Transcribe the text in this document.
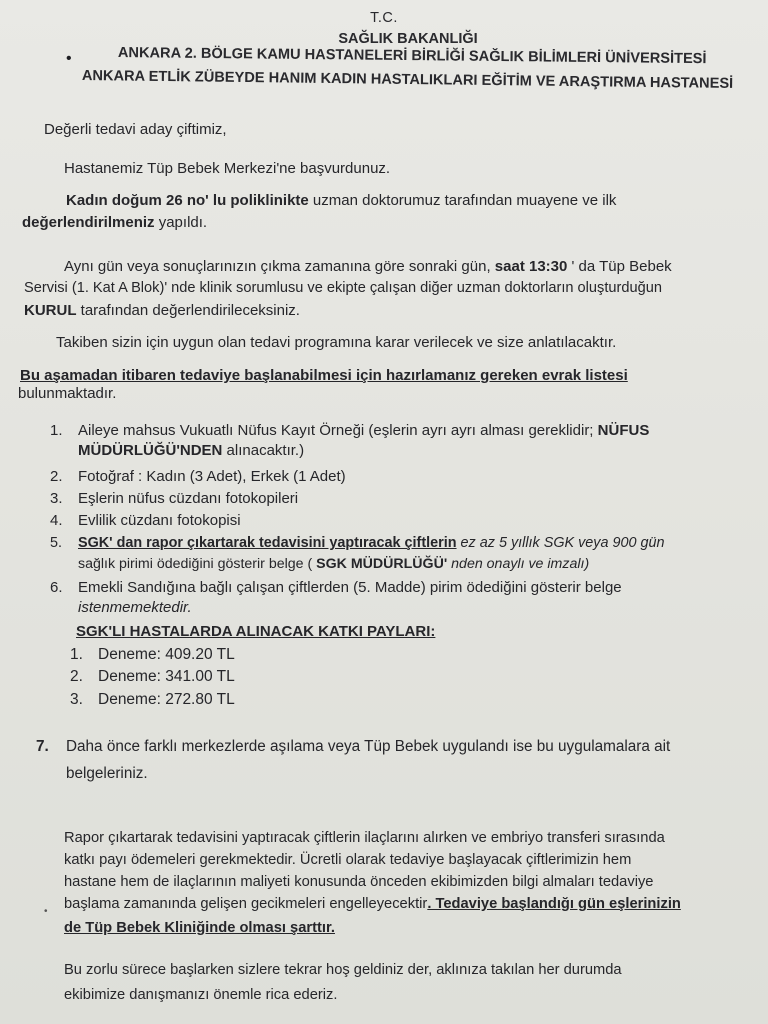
T.C.
SAĞLIK BAKANLIĞI
•	ANKARA 2. BÖLGE KAMU HASTANELERİ BİRLİĞİ SAĞLIK BİLİMLERİ ÜNİVERSİTESİ
ANKARA ETLİK ZÜBEYDE HANIM KADIN HASTALIKLARI EĞİTİM VE ARAŞTIRMA HASTANESİ
Değerli tedavi aday çiftimiz,
Hastanemiz Tüp Bebek Merkezi'ne başvurdunuz.
Kadın doğum 26 no' lu poliklinikte uzman doktorumuz tarafından muayene ve ilk
değerlendirilmeniz yapıldı.
Aynı gün veya sonuçlarınızın çıkma zamanına göre sonraki gün, saat 13:30 ' da Tüp Bebek
Servisi (1. Kat A Blok)' nde klinik sorumlusu ve ekipte çalışan diğer uzman doktorların oluşturduğun
KURUL tarafından değerlendirileceksiniz.
Takiben sizin için uygun olan tedavi programına karar verilecek ve size anlatılacaktır.
Bu aşamadan itibaren tedaviye başlanabilmesi için hazırlamanız gereken evrak listesi
bulunmaktadır.
1. Aileye mahsus Vukuatlı Nüfus Kayıt Örneği (eşlerin ayrı ayrı alması gereklidir; NÜFUS
MÜDÜRLÜĞÜ'NDEN alınacaktır.)
2. Fotoğraf : Kadın (3 Adet), Erkek (1 Adet)
3. Eşlerin nüfus cüzdanı fotokopileri
4. Evlilik cüzdanı fotokopisi
5. SGK' dan rapor çıkartarak tedavisini yaptıracak çiftlerin ez az 5 yıllık SGK veya 900 gün
sağlık pirimi ödediğini gösterir belge ( SGK MÜDÜRLÜĞÜ' nden onaylı ve imzalı)
6. Emekli Sandığına bağlı çalışan çiftlerden (5. Madde) pirim ödediğini gösterir belge
istenmemektedir.
SGK'LI HASTALARDA ALINACAK KATKI PAYLARI:
1. Deneme: 409.20 TL
2. Deneme: 341.00 TL
3. Deneme: 272.80 TL
7. Daha önce farklı merkezlerde aşılama veya Tüp Bebek uygulandı ise bu uygulamalara ait
belgeleriniz.
Rapor çıkartarak tedavisini yaptıracak çiftlerin ilaçlarını alırken ve embriyo transferi sırasında
katkı payı ödemeleri gerekmektedir. Ücretli olarak tedaviye başlayacak çiftlerimizin hem
hastane hem de ilaçlarının maliyeti konusunda önceden ekibimizden bilgi almaları tedaviye
• başlama zamanında gelişen gecikmeleri engelleyecektir. Tedaviye başlandığı gün eşlerinizin
de Tüp Bebek Kliniğinde olması şarttır.
Bu zorlu sürece başlarken sizlere tekrar hoş geldiniz der, aklınıza takılan her durumda
ekibimize danışmanızı önemle rica ederiz.
